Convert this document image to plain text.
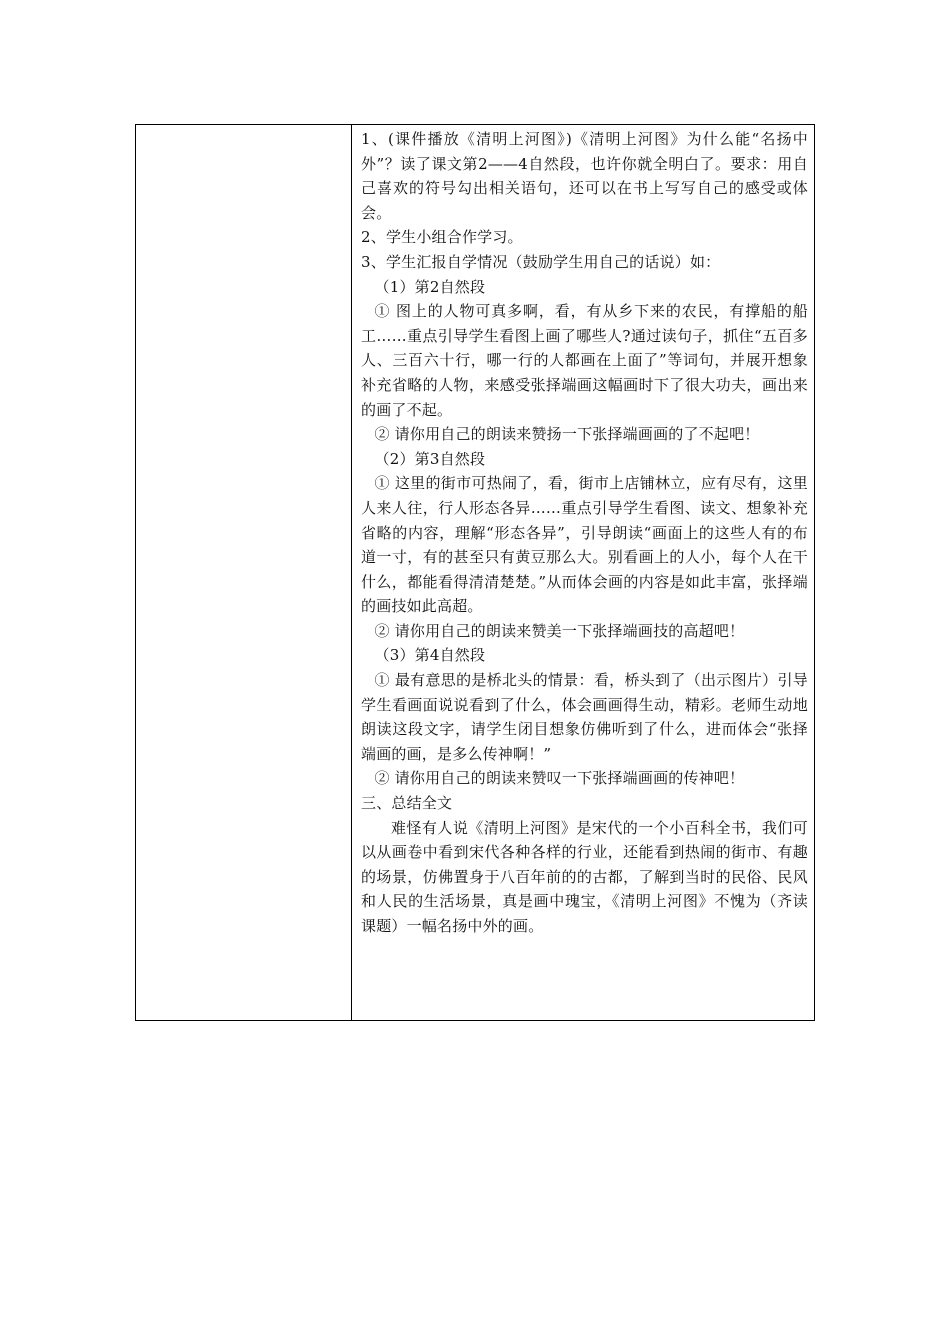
1、(课件播放《清明上河图》)《清明上河图》为什么能“名扬中外”？读了课文第2——4自然段，也许你就全明白了。要求：用自己喜欢的符号勾出相关语句，还可以在书上写写自己的感受或体会。

2、学生小组合作学习。

3、学生汇报自学情况（鼓励学生用自己的话说）如：

（1）第2自然段

① 图上的人物可真多啊，看，有从乡下来的农民，有撑船的船工……重点引导学生看图上画了哪些人?通过读句子，抓住“五百多人、三百六十行，哪一行的人都画在上面了”等词句，并展开想象补充省略的人物，来感受张择端画这幅画时下了很大功夫，画出来的画了不起。

② 请你用自己的朗读来赞扬一下张择端画画的了不起吧！

（2）第3自然段

① 这里的街市可热闹了，看，街市上店铺林立，应有尽有，这里人来人往，行人形态各异……重点引导学生看图、读文、想象补充省略的内容，理解“形态各异”，引导朗读“画面上的这些人有的布道一寸，有的甚至只有黄豆那么大。别看画上的人小，每个人在干什么，都能看得清清楚楚。”从而体会画的内容是如此丰富，张择端的画技如此高超。

② 请你用自己的朗读来赞美一下张择端画技的高超吧！

（3）第4自然段

① 最有意思的是桥北头的情景：看，桥头到了（出示图片）引导学生看画面说说看到了什么，体会画画得生动，精彩。老师生动地朗读这段文字，请学生闭目想象仿佛听到了什么，进而体会“张择端画的画，是多么传神啊！”

② 请你用自己的朗读来赞叹一下张择端画画的传神吧！

三、总结全文

难怪有人说《清明上河图》是宋代的一个小百科全书，我们可以从画卷中看到宋代各种各样的行业，还能看到热闹的街市、有趣的场景，仿佛置身于八百年前的的古都，了解到当时的民俗、民风和人民的生活场景，真是画中瑰宝，《清明上河图》不愧为（齐读课题）一幅名扬中外的画。
